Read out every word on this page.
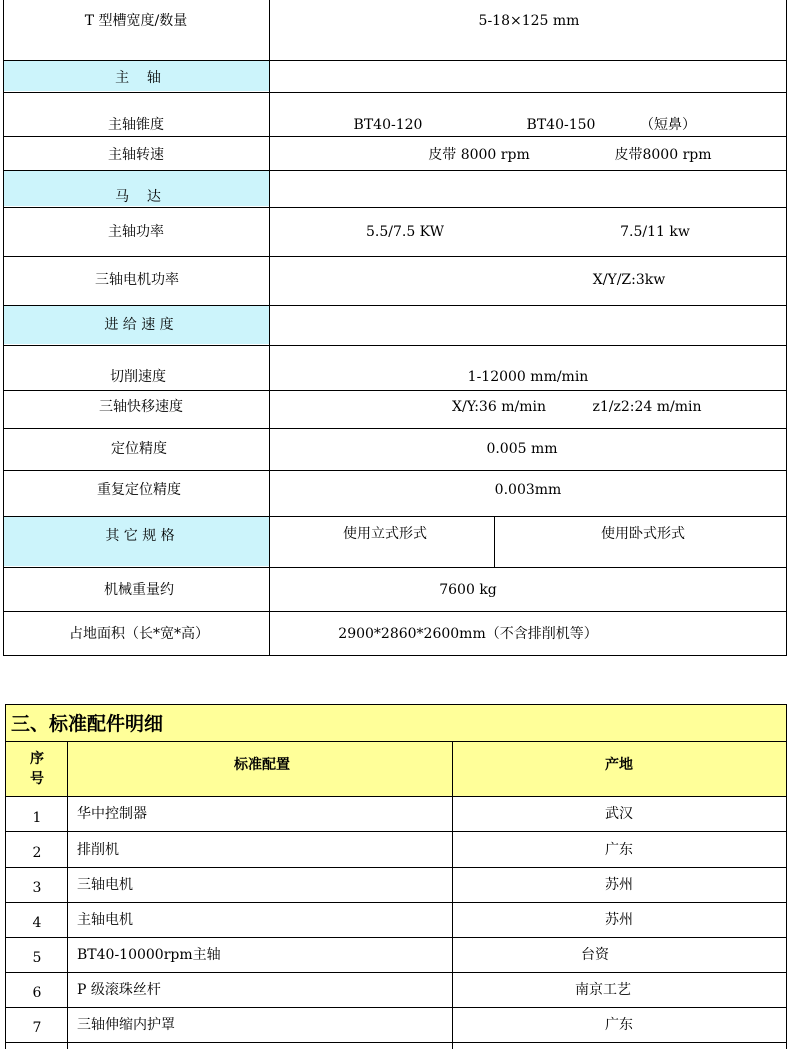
T 型槽宽度/数量	5-18×125 mm
主    轴
主轴锥度	BT40-120	BT40-150	（短鼻）
主轴转速	皮带 8000 rpm	皮带8000 rpm
马    达
主轴功率	5.5/7.5 KW	7.5/11 kw
三轴电机功率	X/Y/Z:3kw
进 给 速 度
切削速度	1-12000 mm/min
三轴快移速度	X/Y:36 m/min	z1/z2:24 m/min
定位精度	0.005 mm
重复定位精度	0.003mm
其 它 规 格	使用立式形式	使用卧式形式
机械重量约	7600 kg
占地面积（长*宽*高）	2900*2860*2600mm（不含排削机等）
三、标准配件明细
序
号
标准配置	产地
1	华中控制器	武汉
2	排削机	广东
3	三轴电机	苏州
4	主轴电机	苏州
5	BT40-10000rpm主轴	台资
6	P 级滚珠丝杆	南京工艺
7	三轴伸缩内护罩	广东
